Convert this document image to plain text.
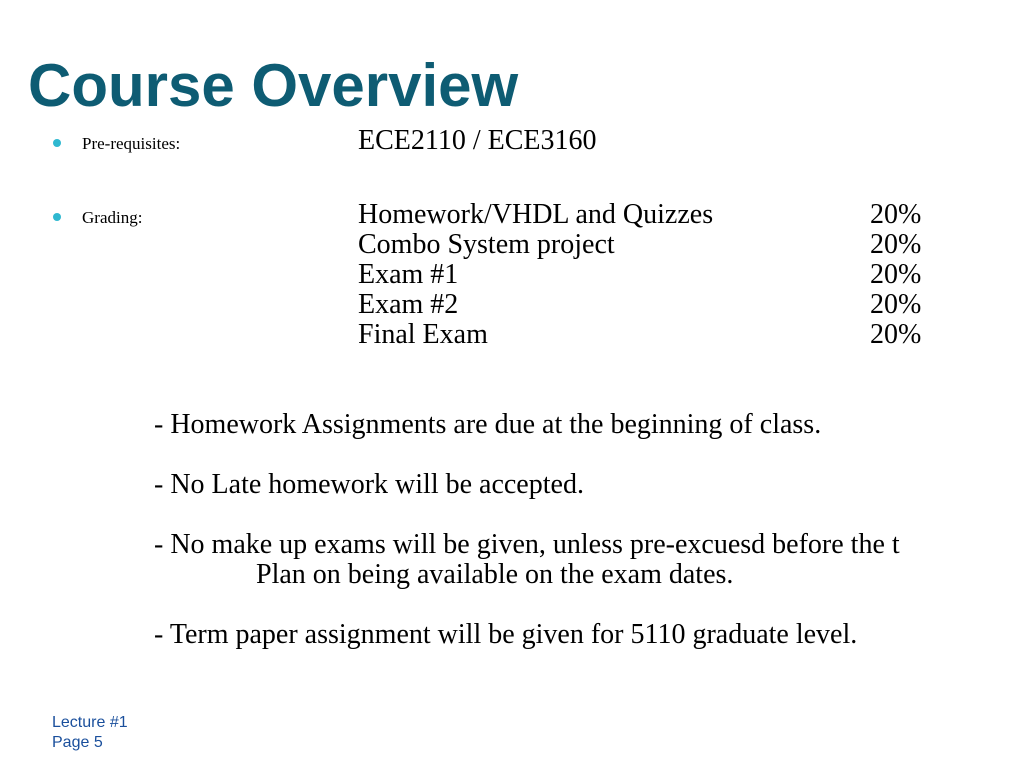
Course Overview
Pre-requisites:	ECE2110 / ECE3160
Grading:	Homework/VHDL and Quizzes	20%
Combo System project	20%
Exam #1	20%
Exam #2	20%
Final Exam	20%
- Homework Assignments are due at the beginning of class.
- No Late homework will be accepted.
- No make up exams will be given, unless pre-excuesd before the t
Plan on being available on the exam dates.
- Term paper assignment will be given for 5110 graduate level.
Lecture #1
Page 5
